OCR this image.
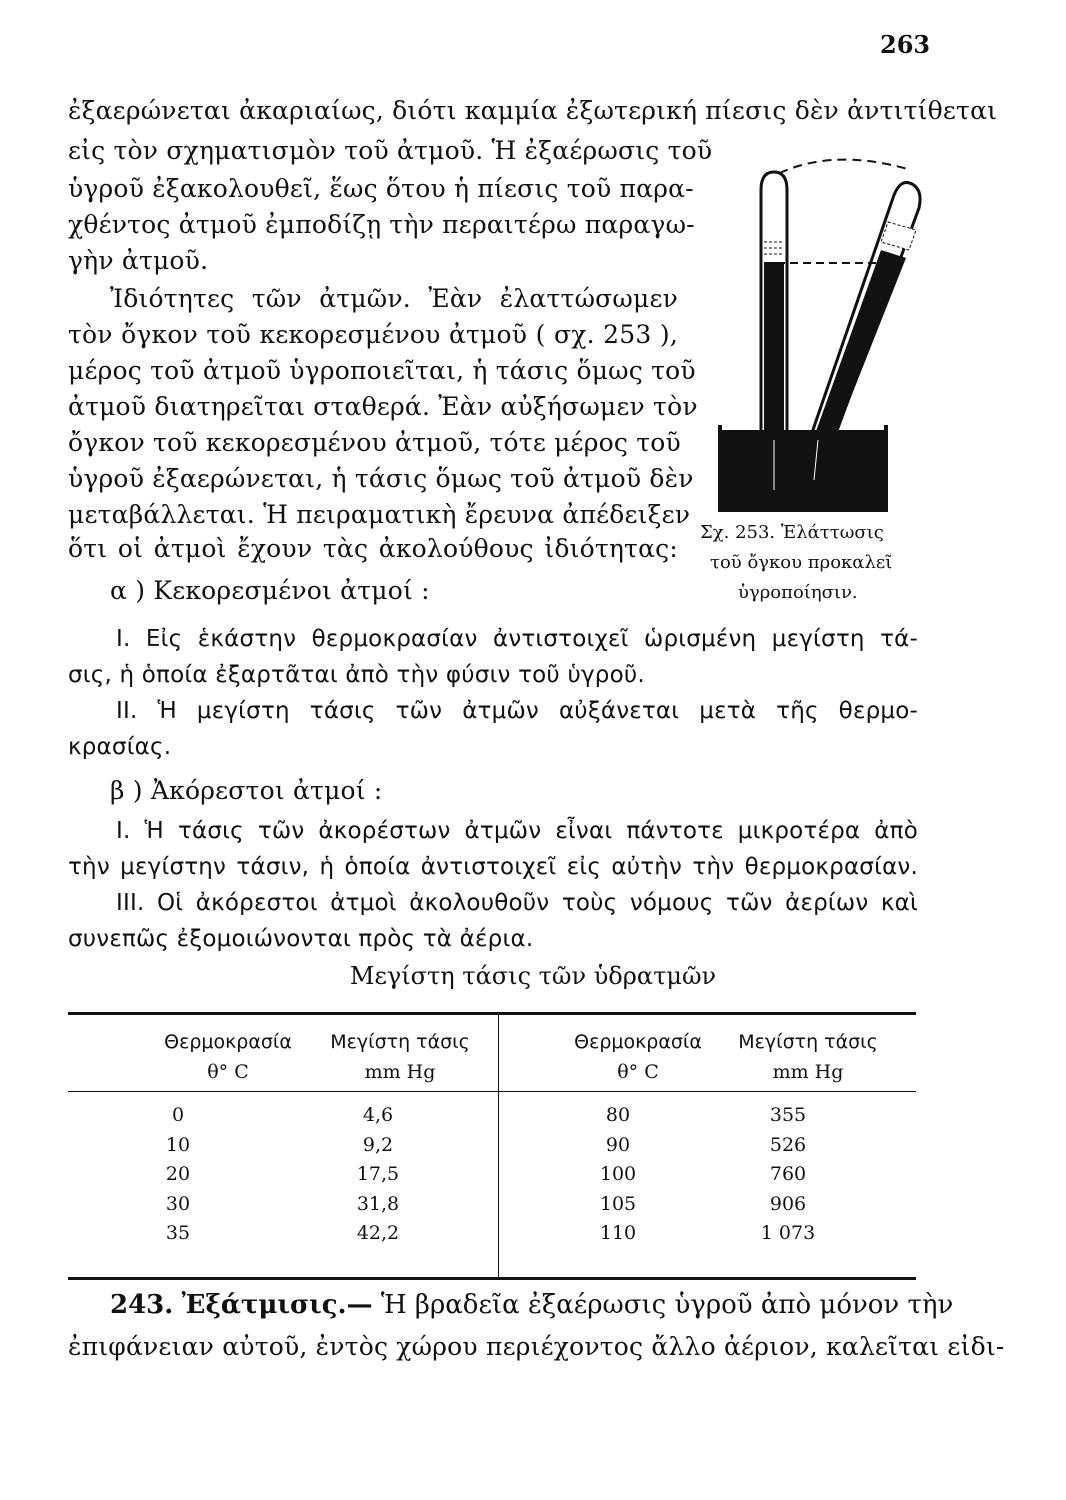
263
ἐξαερώνεται ἀκαριαίως, διότι καμμία ἐξωτερική πίεσις δὲν ἀντιτίθεται
εἰς τὸν σχηματισμὸν τοῦ ἀτμοῦ. Ἡ ἐξαέρωσις τοῦ
ὑγροῦ ἐξακολουθεῖ, ἕως ὅτου ἡ πίεσις τοῦ παρα-
χθέντος ἀτμοῦ ἐμποδίζῃ τὴν περαιτέρω παραγω-
γὴν ἀτμοῦ.
Ἰδιότητες τῶν ἀτμῶν. Ἐὰν ἐλαττώσωμεν
τὸν ὄγκον τοῦ κεκορεσμένου ἀτμοῦ ( σχ. 253 ),
μέρος τοῦ ἀτμοῦ ὑγροποιεῖται, ἡ τάσις ὅμως τοῦ
ἀτμοῦ διατηρεῖται σταθερά. Ἐὰν αὐξήσωμεν τὸν
ὄγκον τοῦ κεκορεσμένου ἀτμοῦ, τότε μέρος τοῦ
ὑγροῦ ἐξαερώνεται, ἡ τάσις ὅμως τοῦ ἀτμοῦ δὲν
μεταβάλλεται. Ἡ πειραματικὴ ἔρευνα ἀπέδειξεν
ὅτι οἱ ἀτμοὶ ἔχουν τὰς ἀκολούθους ἰδιότητας:
α ) Κεκορεσμένοι ἀτμοί :
Σχ. 253. Ἐλάττωσις
τοῦ ὄγκου προκαλεῖ
ὑγροποίησιν.
I. Εἰς ἑκάστην θερμοκρασίαν ἀντιστοιχεῖ ὡρισμένη μεγίστη τά-
σις, ἡ ὁποία ἐξαρτᾶται ἀπὸ τὴν φύσιν τοῦ ὑγροῦ.
II. Ἡ μεγίστη τάσις τῶν ἀτμῶν αὐξάνεται μετὰ τῆς θερμο-
κρασίας.
β ) Ἀκόρεστοι ἀτμοί :
I. Ἡ τάσις τῶν ἀκορέστων ἀτμῶν εἶναι πάντοτε μικροτέρα ἀπὸ
τὴν μεγίστην τάσιν, ἡ ὁποία ἀντιστοιχεῖ εἰς αὐτὴν τὴν θερμοκρασίαν.
III. Οἱ ἀκόρεστοι ἀτμοὶ ἀκολουθοῦν τοὺς νόμους τῶν ἀερίων καὶ
συνεπῶς ἐξομοιώνονται πρὸς τὰ ἀέρια.
Μεγίστη τάσις τῶν ὑδρατμῶν
Θερμοκρασία
θ° C
Μεγίστη τάσις
mm Hg
Θερμοκρασία
θ° C
Μεγίστη τάσις
mm Hg
0
10
20
30
35
4,6
9,2
17,5
31,8
42,2
80
90
100
105
110
355
526
760
906
1 073
243. Ἐξάτμισις.— Ἡ βραδεῖα ἐξαέρωσις ὑγροῦ ἀπὸ μόνον τὴν
ἐπιφάνειαν αὐτοῦ, ἐντὸς χώρου περιέχοντος ἄλλο ἀέριον, καλεῖται εἰδι-
